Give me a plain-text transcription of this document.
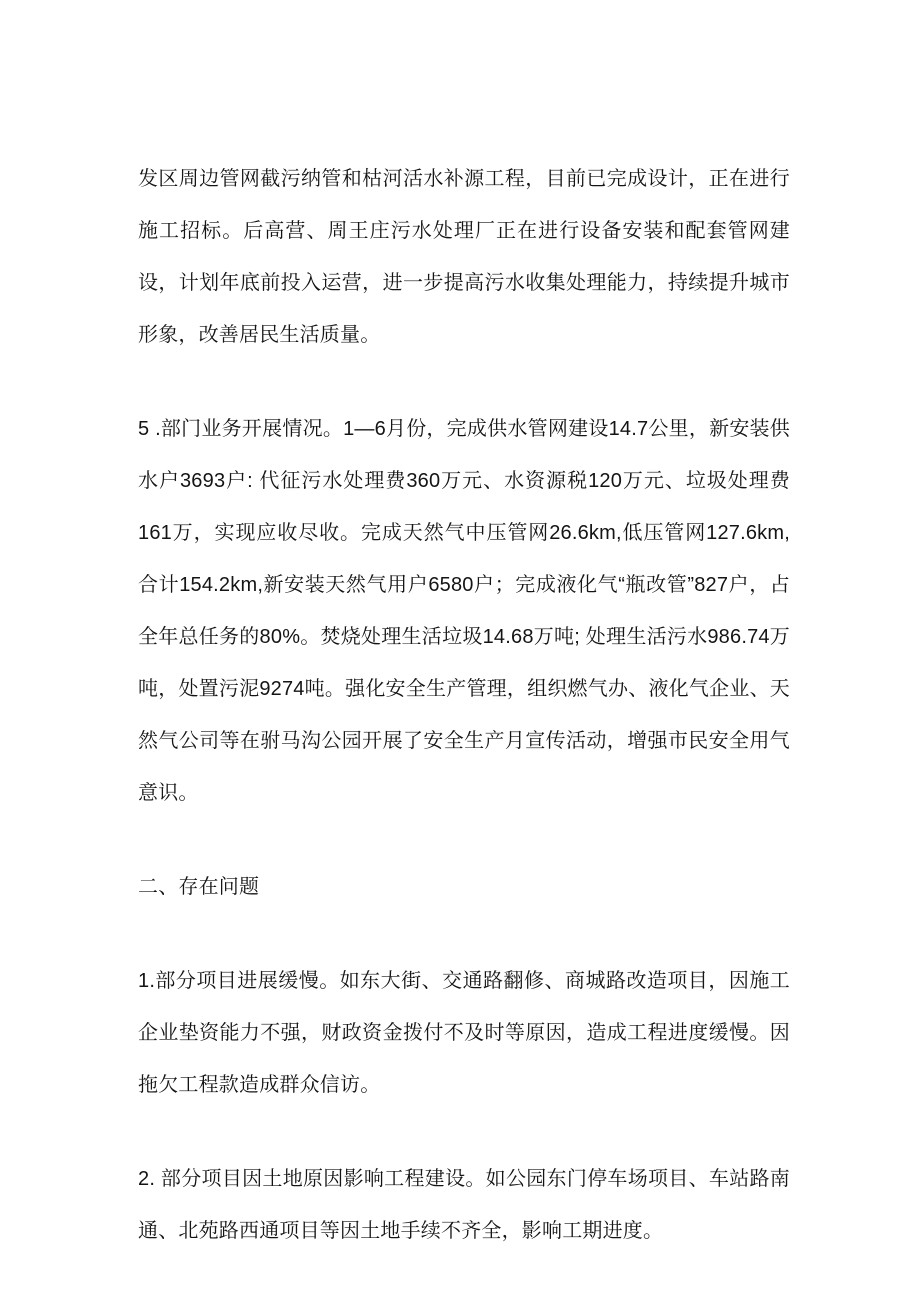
发区周边管网截污纳管和枯河活水补源工程，目前已完成设计，正在进行施工招标。后高营、周王庄污水处理厂正在进行设备安装和配套管网建设，计划年底前投入运营，进一步提高污水收集处理能力，持续提升城市形象，改善居民生活质量。

5 .部门业务开展情况。1—6月份，完成供水管网建设14.7公里，新安装供水户3693户: 代征污水处理费360万元、水资源税120万元、垃圾处理费161万，实现应收尽收。完成天然气中压管网26.6km,低压管网127.6km,合计154.2km,新安装天然气用户6580户；完成液化气“瓶改管”827户，占全年总任务的80%。焚烧处理生活垃圾14.68万吨; 处理生活污水986.74万吨，处置污泥9274吨。强化安全生产管理，组织燃气办、液化气企业、天然气公司等在驸马沟公园开展了安全生产月宣传活动，增强市民安全用气意识。

二、存在问题

1.部分项目进展缓慢。如东大街、交通路翻修、商城路改造项目，因施工企业垫资能力不强，财政资金拨付不及时等原因，造成工程进度缓慢。因拖欠工程款造成群众信访。

2. 部分项目因土地原因影响工程建设。如公园东门停车场项目、车站路南通、北苑路西通项目等因土地手续不齐全，影响工期进度。
